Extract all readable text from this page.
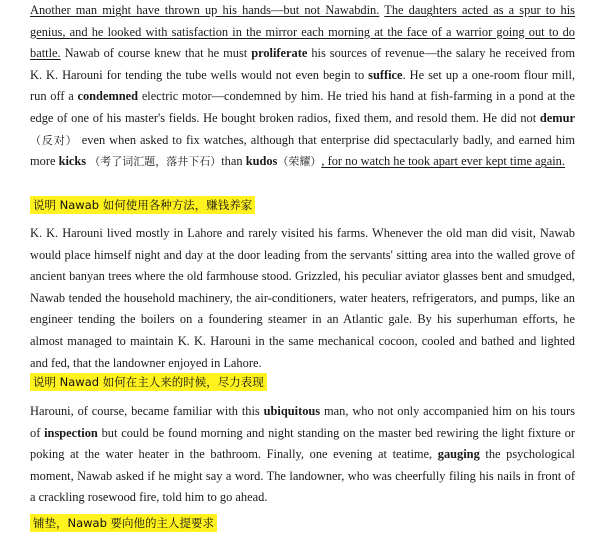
Another man might have thrown up his hands—but not Nawabdin. The daughters acted as a spur to his genius, and he looked with satisfaction in the mirror each morning at the face of a warrior going out to do battle. Nawab of course knew that he must proliferate his sources of revenue—the salary he received from K. K. Harouni for tending the tube wells would not even begin to suffice. He set up a one-room flour mill, run off a condemned electric motor—condemned by him. He tried his hand at fish-farming in a pond at the edge of one of his master's fields. He bought broken radios, fixed them, and resold them. He did not demur（反对） even when asked to fix watches, although that enterprise did spectacularly badly, and earned him more kicks （考了词汇题，落井下石）than kudos（荣耀）, for no watch he took apart ever kept time again.

说明 Nawab 如何使用各种方法，赚钱养家

K. K. Harouni lived mostly in Lahore and rarely visited his farms. Whenever the old man did visit, Nawab would place himself night and day at the door leading from the servants' sitting area into the walled grove of ancient banyan trees where the old farmhouse stood. Grizzled, his peculiar aviator glasses bent and smudged, Nawab tended the household machinery, the air-conditioners, water heaters, refrigerators, and pumps, like an engineer tending the boilers on a foundering steamer in an Atlantic gale. By his superhuman efforts, he almost managed to maintain K. K. Harouni in the same mechanical cocoon, cooled and bathed and lighted and fed, that the landowner enjoyed in Lahore.

说明 Nawad 如何在主人来的时候，尽力表现

Harouni, of course, became familiar with this ubiquitous man, who not only accompanied him on his tours of inspection but could be found morning and night standing on the master bed rewiring the light fixture or poking at the water heater in the bathroom. Finally, one evening at teatime, gauging the psychological moment, Nawab asked if he might say a word. The landowner, who was cheerfully filing his nails in front of a crackling rosewood fire, told him to go ahead.

铺垫，Nawab 要向他的主人提要求
